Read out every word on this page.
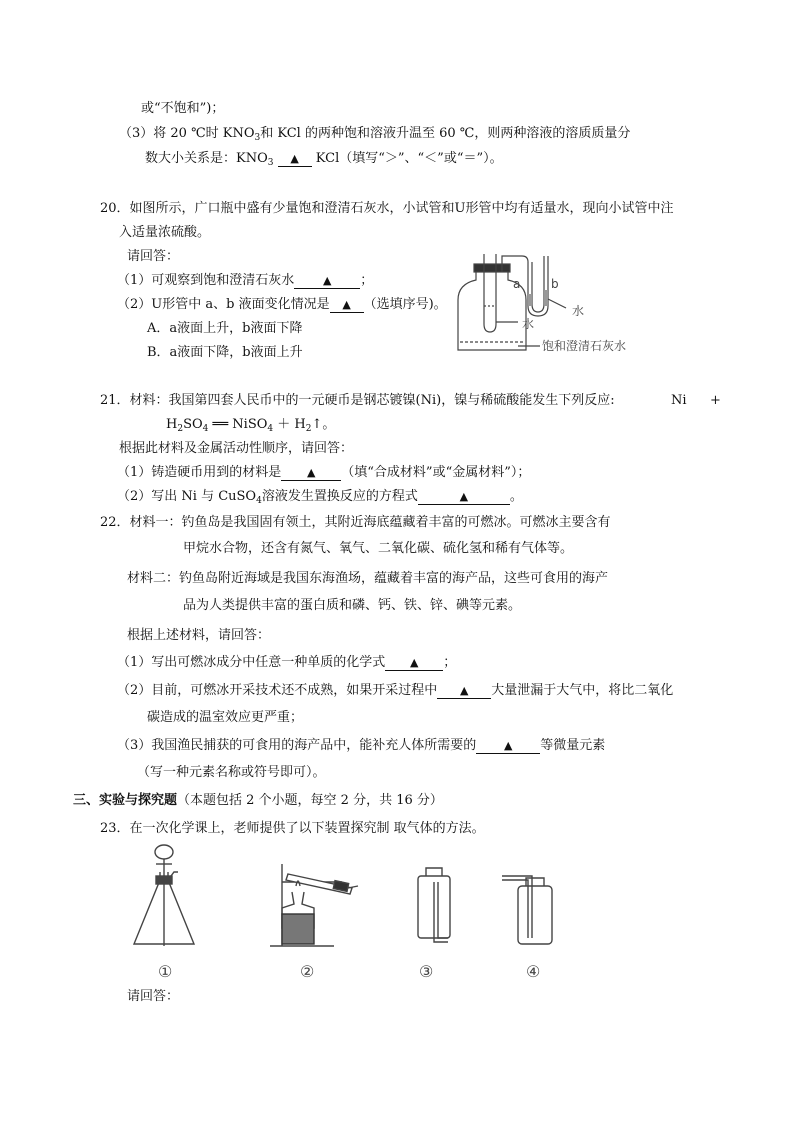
或“不饱和”)；
（3）将 20 ℃时 $KNO_3$和 KCl 的两种饱和溶液升温至 60 ℃，则两种溶液的溶质质量分
数大小关系是：$KNO_3$ ▲ KCl（填写“＞”、“＜”或“＝”）。
20．如图所示，广口瓶中盛有少量饱和澄清石灰水，小试管和U形管中均有适量水，现向小试管中注
入适量浓硫酸。
请回答：
（1）可观察到饱和澄清石灰水	▲ ；
（2）U形管中 a、b 液面变化情况是 ▲ （选填序号)。
A．a液面上升，b液面下降
B．a液面下降，b液面上升
a	b
水
水
饱和澄清石灰水
21．材料：我国第四套人民币中的一元硬币是钢芯镀镍(Ni)，镍与稀硫酸能发生下列反应:	Ni +
$H_2SO_4$ ══ NiSO$_4$ ＋ $H_2↑$。
根据此材料及金属活动性顺序，请回答：
（1）铸造硬币用到的材料是 ▲ （填“合成材料”或“金属材料”）；
（2）写出 Ni 与 CuSO$_4$溶液发生置换反应的方程式	▲	。
22．材料一：钓鱼岛是我国固有领土，其附近海底蕴藏着丰富的可燃冰。可燃冰主要含有
甲烷水合物，还含有氮气、氧气、二氧化碳、硫化氢和稀有气体等。
材料二：钓鱼岛附近海域是我国东海渔场，蕴藏着丰富的海产品，这些可食用的海产
品为人类提供丰富的蛋白质和磷、钙、铁、锌、碘等元素。
根据上述材料，请回答：
（1）写出可燃冰成分中任意一种单质的化学式 ▲ ；
（2）目前，可燃冰开采技术还不成熟，如果开采过程中 ▲ 大量泄漏于大气中，将比二氧化
碳造成的温室效应更严重；
（3）我国渔民捕获的可食用的海产品中，能补充人体所需要的	▲ 等微量元素
（写一种元素名称或符号即可）。
三、实验与探究题（本题包括 2 个小题，每空 2 分，共 16 分）
23．在一次化学课上，老师提供了以下装置探究制 取气体的方法。
①	②	③	④
请回答：
